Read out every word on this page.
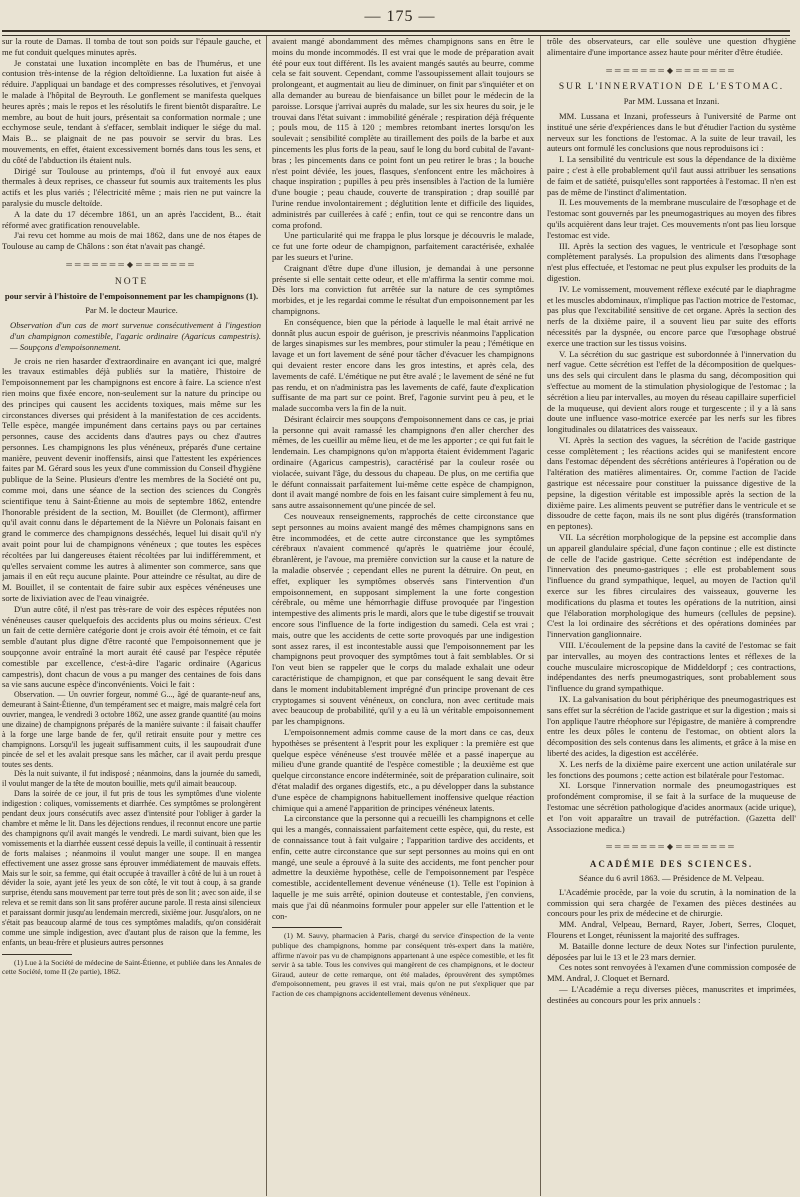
— 175 —

sur la route de Damas. Il tomba de tout son poids sur l'épaule gauche, et me fut conduit quelques minutes après.

Je constatai une luxation incomplète en bas de l'humérus, et une contusion très-intense de la région deltoïdienne. La luxation fut aisée à réduire. J'appliquai un bandage et des compresses résolutives, et j'envoyai le malade à l'hôpital de Beyrouth. Le gonflement se manifesta quelques heures après ; mais le repos et les résolutifs le firent bientôt disparaître. Le membre, au bout de huit jours, présentait sa conformation normale ; une ecchymose seule, tendant à s'effacer, semblait indiquer le siége du mal. Mais B... se plaignait de ne pas pouvoir se servir du bras. Les mouvements, en effet, étaient excessivement bornés dans tous les sens, et du côté de l'abduction ils étaient nuls.

Dirigé sur Toulouse au printemps, d'où il fut envoyé aux eaux thermales à deux reprises, ce chasseur fut soumis aux traitements les plus actifs et les plus variés ; l'électricité même ; mais rien ne put vaincre la paralysie du muscle deltoïde.

A la date du 17 décembre 1861, un an après l'accident, B... était réformé avec gratification renouvelable.

J'ai revu cet homme au mois de mai 1862, dans une de nos étapes de Toulouse au camp de Châlons : son état n'avait pas changé.

═══════◆═══════
NOTE
pour servir à l'histoire de l'empoisonnement par les champignons (1).
Par M. le docteur Maurice.

Observation d'un cas de mort survenue consécutivement à l'ingestion d'un champignon comestible, l'agaric ordinaire (Agaricus campestris). — Soupçons d'empoisonnement.

Je crois ne rien hasarder d'extraordinaire en avançant ici que, malgré les travaux estimables déjà publiés sur la matière, l'histoire de l'empoisonnement par les champignons est encore à faire. La science n'est rien moins que fixée encore, non-seulement sur la nature du principe ou des principes qui causent les accidents toxiques, mais même sur les circonstances diverses qui président à la manifestation de ces accidents. Telle espèce, mangée impunément dans certains pays ou par certaines personnes, cause des accidents dans d'autres pays ou chez d'autres personnes. Les champignons les plus vénéneux, préparés d'une certaine manière, peuvent devenir inoffensifs, ainsi que l'attestent les expériences faites par M. Gérard sous les yeux d'une commission du Conseil d'hygiène publique de la Seine. Plusieurs d'entre les membres de la Société ont pu, comme moi, dans une séance de la section des sciences du Congrès scientifique tenu à Saint-Étienne au mois de septembre 1862, entendre l'honorable président de la section, M. Bouillet (de Clermont), affirmer qu'il avait connu dans le département de la Nièvre un Polonais faisant en grand le commerce des champignons desséchés, lequel lui disait qu'il n'y avait point pour lui de champignons vénéneux ; que toutes les espèces récoltées par lui dangereuses étaient récoltées par lui indifféremment, et qu'elles servaient comme les autres à alimenter son commerce, sans que jamais il en eût reçu aucune plainte. Pour atteindre ce résultat, au dire de M. Bouillet, il se contentait de faire subir aux espèces vénéneuses une sorte de lixiviation avec de l'eau vinaigrée.

D'un autre côté, il n'est pas très-rare de voir des espèces réputées non vénéneuses causer quelquefois des accidents plus ou moins sérieux. C'est un fait de cette dernière catégorie dont je crois avoir été témoin, et ce fait semble d'autant plus digne d'être raconté que l'empoisonnement que je soupçonne avoir entraîné la mort aurait été causé par l'espèce réputée comestible par excellence, c'est-à-dire l'agaric ordinaire (Agaricus campestris), dont chacun de vous a pu manger des centaines de fois dans sa vie sans aucune espèce d'inconvénients. Voici le fait :

Observation. — Un ouvrier forgeur, nommé G..., âgé de quarante-neuf ans, demeurant à Saint-Étienne, d'un tempérament sec et maigre, mais malgré cela fort ouvrier, mangea, le vendredi 3 octobre 1862, une assez grande quantité (au moins une dizaine) de champignons préparés de la manière suivante : il faisait chauffer à la forge une large bande de fer, qu'il retirait ensuite pour y mettre ces champignons. Lorsqu'il les jugeait suffisamment cuits, il les saupoudrait d'une pincée de sel et les avalait presque sans les mâcher, car il avait perdu presque toutes ses dents.

Dès la nuit suivante, il fut indisposé ; néanmoins, dans la journée du samedi, il voulut manger de la tête de mouton bouillie, mets qu'il aimait beaucoup.

Dans la soirée de ce jour, il fut pris de tous les symptômes d'une violente indigestion : coliques, vomissements et diarrhée. Ces symptômes se prolongèrent pendant deux jours consécutifs avec assez d'intensité pour l'obliger à garder la chambre et même le lit. Dans les déjections rendues, il reconnut encore une partie des champignons qu'il avait mangés le vendredi. Le mardi suivant, bien que les vomissements et la diarrhée eussent cessé depuis la veille, il continuait à ressentir de forts malaises ; néanmoins il voulut manger une soupe. Il en mangea effectivement une assez grosse sans éprouver immédiatement de mauvais effets. Mais sur le soir, sa femme, qui était occupée à travailler à côté de lui à un rouet à dévider la soie, ayant jeté les yeux de son côté, le vit tout à coup, à sa grande surprise, étendu sans mouvement par terre tout près de son lit ; avec son aide, il se releva et se remit dans son lit sans proférer aucune parole. Il resta ainsi silencieux et paraissant dormir jusqu'au lendemain mercredi, sixième jour. Jusqu'alors, on ne s'était pas beaucoup alarmé de tous ces symptômes maladifs, qu'on considérait comme une simple indigestion, avec d'autant plus de raison que la femme, les enfants, un beau-frère et plusieurs autres personnes

(1) Lue à la Société de médecine de Saint-Étienne, et publiée dans les Annales de cette Société, tome II (2e partie), 1862.

avaient mangé abondamment des mêmes champignons sans en être le moins du monde incommodés. Il est vrai que le mode de préparation avait été pour eux tout différent. Ils les avaient mangés sautés au beurre, comme cela se fait souvent. Cependant, comme l'assoupissement allait toujours se prolongeant, et augmentait au lieu de diminuer, on finit par s'inquiéter et on alla demander au bureau de bienfaisance un billet pour le médecin de la paroisse. Lorsque j'arrivai auprès du malade, sur les six heures du soir, je le trouvai dans l'état suivant : immobilité générale ; respiration déjà fréquente ; pouls mou, de 115 à 120 ; membres retombant inertes lorsqu'on les soulevait ; sensibilité complète au tiraillement des poils de la barbe et aux pincements les plus forts de la peau, sauf le long du bord cubital de l'avant-bras ; les pincements dans ce point font un peu retirer le bras ; la bouche n'est point déviée, les joues, flasques, s'enfoncent entre les mâchoires à chaque inspiration ; pupilles à peu près insensibles à l'action de la lumière d'une bougie ; peau chaude, couverte de transpiration ; drap souillé par l'urine rendue involontairement ; déglutition lente et difficile des liquides, administrés par cuillerées à café ; enfin, tout ce qui se rencontre dans un coma profond.

Une particularité qui me frappa le plus lorsque je découvris le malade, ce fut une forte odeur de champignon, parfaitement caractérisée, exhalée par les sueurs et l'urine.

Craignant d'être dupe d'une illusion, je demandai à une personne présente si elle sentait cette odeur, et elle m'affirma la sentir comme moi. Dès lors ma conviction fut arrêtée sur la nature de ces symptômes morbides, et je les regardai comme le résultat d'un empoisonnement par les champignons.

En conséquence, bien que la période à laquelle le mal était arrivé ne donnât plus aucun espoir de guérison, je prescrivis néanmoins l'application de larges sinapismes sur les membres, pour stimuler la peau ; l'émétique en lavage et un fort lavement de séné pour tâcher d'évacuer les champignons qui devaient rester encore dans les gros intestins, et après cela, des lavements de café. L'émétique ne put être avalé ; le lavement de séné ne fut pas rendu, et on n'administra pas les lavements de café, faute d'explication suffisante de ma part sur ce point. Bref, l'agonie survint peu à peu, et le malade succomba vers la fin de la nuit.

Désirant éclaircir mes soupçons d'empoisonnement dans ce cas, je priai la personne qui avait ramassé les champignons d'en aller chercher des mêmes, de les cueillir au même lieu, et de me les apporter ; ce qui fut fait le lendemain. Les champignons qu'on m'apporta étaient évidemment l'agaric ordinaire (Agaricus campestris), caractérisé par la couleur rosée ou violacée, suivant l'âge, du dessous du chapeau. De plus, on me certifia que le défunt connaissait parfaitement lui-même cette espèce de champignon, dont il avait mangé nombre de fois en les faisant cuire simplement à feu nu, sans autre assaisonnement qu'une pincée de sel.

Ces nouveaux renseignements, rapprochés de cette circonstance que sept personnes au moins avaient mangé des mêmes champignons sans en être incommodées, et de cette autre circonstance que les symptômes cérébraux n'avaient commencé qu'après le quatrième jour écoulé, ébranlèrent, je l'avoue, ma première conviction sur la cause et la nature de la maladie observée ; cependant elles ne purent la détruire. On peut, en effet, expliquer les symptômes observés sans l'intervention d'un empoisonnement, en supposant simplement la une forte congestion cérébrale, ou même une hémorrhagie diffuse provoquée par l'ingestion intempestive des aliments pris le mardi, alors que le tube digestif se trouvait encore sous l'influence de la forte indigestion du samedi. Cela est vrai ; mais, outre que les accidents de cette sorte provoqués par une indigestion sont assez rares, il est incontestable aussi que l'empoisonnement par les champignons peut provoquer des symptômes tout à fait semblables. Or si l'on veut bien se rappeler que le corps du malade exhalait une odeur caractéristique de champignon, et que par conséquent le sang devait être dans le moment indubitablement imprégné d'un principe provenant de ces cryptogames si souvent vénéneux, on conclura, non avec certitude mais avec beaucoup de probabilité, qu'il y a eu là un véritable empoisonnement par les champignons.

L'empoisonnement admis comme cause de la mort dans ce cas, deux hypothèses se présentent à l'esprit pour les expliquer : la première est que quelque espèce vénéneuse s'est trouvée mêlée et a passé inaperçue au milieu d'une grande quantité de l'espèce comestible ; la deuxième est que quelque circonstance encore indéterminée, soit de préparation culinaire, soit d'état maladif des organes digestifs, etc., a pu développer dans la substance d'une espèce de champignons habituellement inoffensive quelque réaction chimique qui a amené l'apparition de principes vénéneux latents.

La circonstance que la personne qui a recueilli les champignons et celle qui les a mangés, connaissaient parfaitement cette espèce, qui, du reste, est de connaissance tout à fait vulgaire ; l'apparition tardive des accidents, et enfin, cette autre circonstance que sur sept personnes au moins qui en ont mangé, une seule a éprouvé à la suite des accidents, me font pencher pour admettre la deuxième hypothèse, celle de l'empoisonnement par l'espèce comestible, accidentellement devenue vénéneuse (1). Telle est l'opinion à laquelle je me suis arrêté, opinion douteuse et contestable, j'en conviens, mais que j'ai dû néanmoins formuler pour appeler sur elle l'attention et le con-

(1) M. Sauvy, pharmacien à Paris, chargé du service d'inspection de la vente publique des champignons, homme par conséquent très-expert dans la matière, affirme n'avoir pas vu de champignons appartenant à une espèce comestible, et les fit servir à sa table. Tous les convives qui mangèrent de ces champignons, et le docteur Giraud, auteur de cette remarque, ont été malades, éprouvèrent des symptômes d'empoisonnement, peu graves il est vrai, mais qu'on ne put s'expliquer que par l'action de ces champignons accidentellement devenus vénéneux.

trôle des observateurs, car elle soulève une question d'hygiène alimentaire d'une importance assez haute pour mériter d'être étudiée.

═══════◆═══════
SUR L'INNERVATION DE L'ESTOMAC.
Par MM. Lussana et Inzani.

MM. Lussana et Inzani, professeurs à l'université de Parme ont institué une série d'expériences dans le but d'étudier l'action du système nerveux sur les fonctions de l'estomac. A la suite de leur travail, les auteurs ont formulé les conclusions que nous reproduisons ici :

I. La sensibilité du ventricule est sous la dépendance de la dixième paire ; c'est à elle probablement qu'il faut aussi attribuer les sensations de faim et de satiété, puisqu'elles sont rapportées à l'estomac. Il n'en est pas de même de l'instinct d'alimentation.

II. Les mouvements de la membrane musculaire de l'œsophage et de l'estomac sont gouvernés par les pneumogastriques au moyen des fibres qu'ils acquièrent dans leur trajet. Ces mouvements n'ont pas lieu lorsque l'estomac est vide.

III. Après la section des vagues, le ventricule et l'œsophage sont complètement paralysés. La propulsion des aliments dans l'œsophage n'est plus effectuée, et l'estomac ne peut plus expulser les produits de la digestion.

IV. Le vomissement, mouvement réflexe exécuté par le diaphragme et les muscles abdominaux, n'implique pas l'action motrice de l'estomac, pas plus que l'excitabilité sensitive de cet organe. Après la section des nerfs de la dixième paire, il a souvent lieu par suite des efforts nécessités par la dyspnée, ou encore parce que l'œsophage obstrué exerce une traction sur les tissus voisins.

V. La sécrétion du suc gastrique est subordonnée à l'innervation du nerf vague. Cette sécrétion est l'effet de la décomposition de quelques-uns des sels qui circulent dans le plasma du sang, décomposition qui s'effectue au moment de la stimulation physiologique de l'estomac ; la sécrétion a lieu par intervalles, au moyen du réseau capillaire superficiel de la muqueuse, qui devient alors rouge et turgescente ; il y a là sans doute une influence vaso-motrice exercée par les nerfs sur les fibres longitudinales ou dilatatrices des vaisseaux.

VI. Après la section des vagues, la sécrétion de l'acide gastrique cesse complètement ; les réactions acides qui se manifestent encore dans l'estomac dépendent des sécrétions antérieures à l'opération ou de l'altération des matières alimentaires. Or, comme l'action de l'acide gastrique est nécessaire pour constituer la puissance digestive de la pepsine, la digestion véritable est impossible après la section de la dixième paire. Les aliments peuvent se putréfier dans le ventricule et se dissoudre de cette façon, mais ils ne sont plus digérés (transformation en peptones).

VII. La sécrétion morphologique de la pepsine est accomplie dans un appareil glandulaire spécial, d'une façon continue ; elle est distincte de celle de l'acide gastrique. Cette sécrétion est indépendante de l'innervation des pneumo-gastriques ; elle est probablement sous l'influence du grand sympathique, lequel, au moyen de l'action qu'il exerce sur les fibres circulaires des vaisseaux, gouverne les modifications du plasma et toutes les opérations de la nutrition, ainsi que l'élaboration morphologique des humeurs (cellules de pepsine). C'est la loi ordinaire des sécrétions et des opérations dominées par l'innervation ganglionnaire.

VIII. L'écoulement de la pepsine dans la cavité de l'estomac se fait par intervalles, au moyen des contractions lentes et réflexes de la couche musculaire microscopique de Middeldorpf ; ces contractions, indépendantes des nerfs pneumogastriques, sont probablement sous l'influence du grand sympathique.

IX. La galvanisation du bout périphérique des pneumogastriques est sans effet sur la sécrétion de l'acide gastrique et sur la digestion ; mais si l'on applique l'autre rhéophore sur l'épigastre, de manière à comprendre entre les deux pôles le contenu de l'estomac, on obtient alors la décomposition des sels contenus dans les aliments, et grâce à la mise en liberté des acides, la digestion est accélérée.

X. Les nerfs de la dixième paire exercent une action unilatérale sur les fonctions des poumons ; cette action est bilatérale pour l'estomac.

XI. Lorsque l'innervation normale des pneumogastriques est profondément compromise, il se fait à la surface de la muqueuse de l'estomac une sécrétion pathologique d'acides anormaux (acide urique), et l'on voit apparaître un travail de putréfaction. (Gazetta dell' Associazione medica.)

═══════◆═══════
ACADÉMIE DES SCIENCES.
Séance du 6 avril 1863. — Présidence de M. Velpeau.

L'Académie procède, par la voie du scrutin, à la nomination de la commission qui sera chargée de l'examen des pièces destinées au concours pour les prix de médecine et de chirurgie.

MM. Andral, Velpeau, Bernard, Rayer, Jobert, Serres, Cloquet, Flourens et Longet, réunissent la majorité des suffrages.

M. Bataille donne lecture de deux Notes sur l'infection purulente, déposées par lui le 13 et le 23 mars dernier.

Ces notes sont renvoyées à l'examen d'une commission composée de MM. Andral, J. Cloquet et Bernard.

— L'Académie a reçu diverses pièces, manuscrites et imprimées, destinées au concours pour les prix annuels :
